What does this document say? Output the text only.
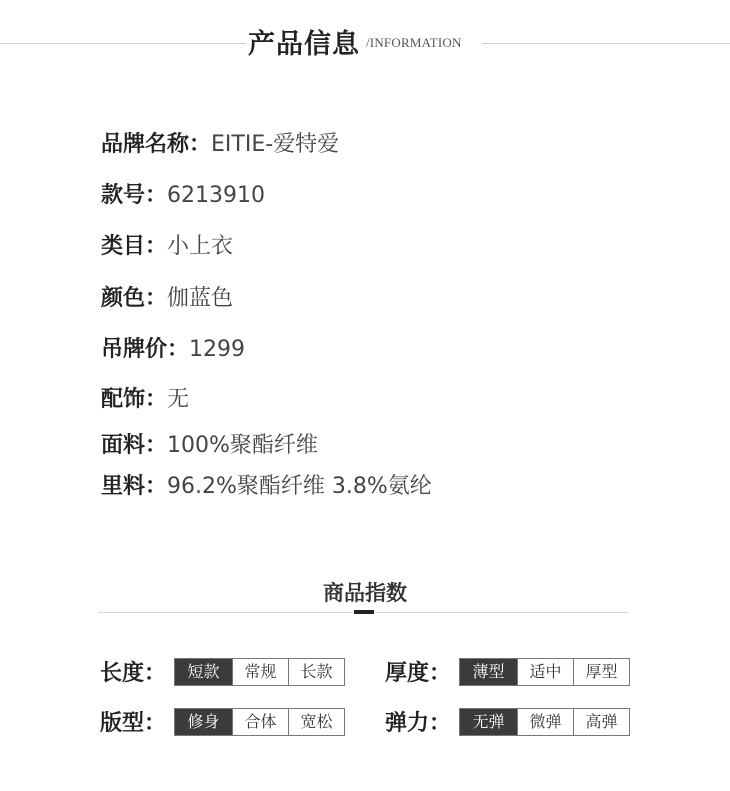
产品信息 /INFORMATION
品牌名称：EITIE-爱特爱
款号：6213910
类目：小上衣
颜色：伽蓝色
吊牌价：1299
配饰：无
面料：100%聚酯纤维
里料：96.2%聚酯纤维 3.8%氨纶
商品指数
长度：	短款	常规	长款	厚度：	薄型	适中	厚型
版型：	修身	合体	宽松	弹力：	无弹	微弹	高弹
